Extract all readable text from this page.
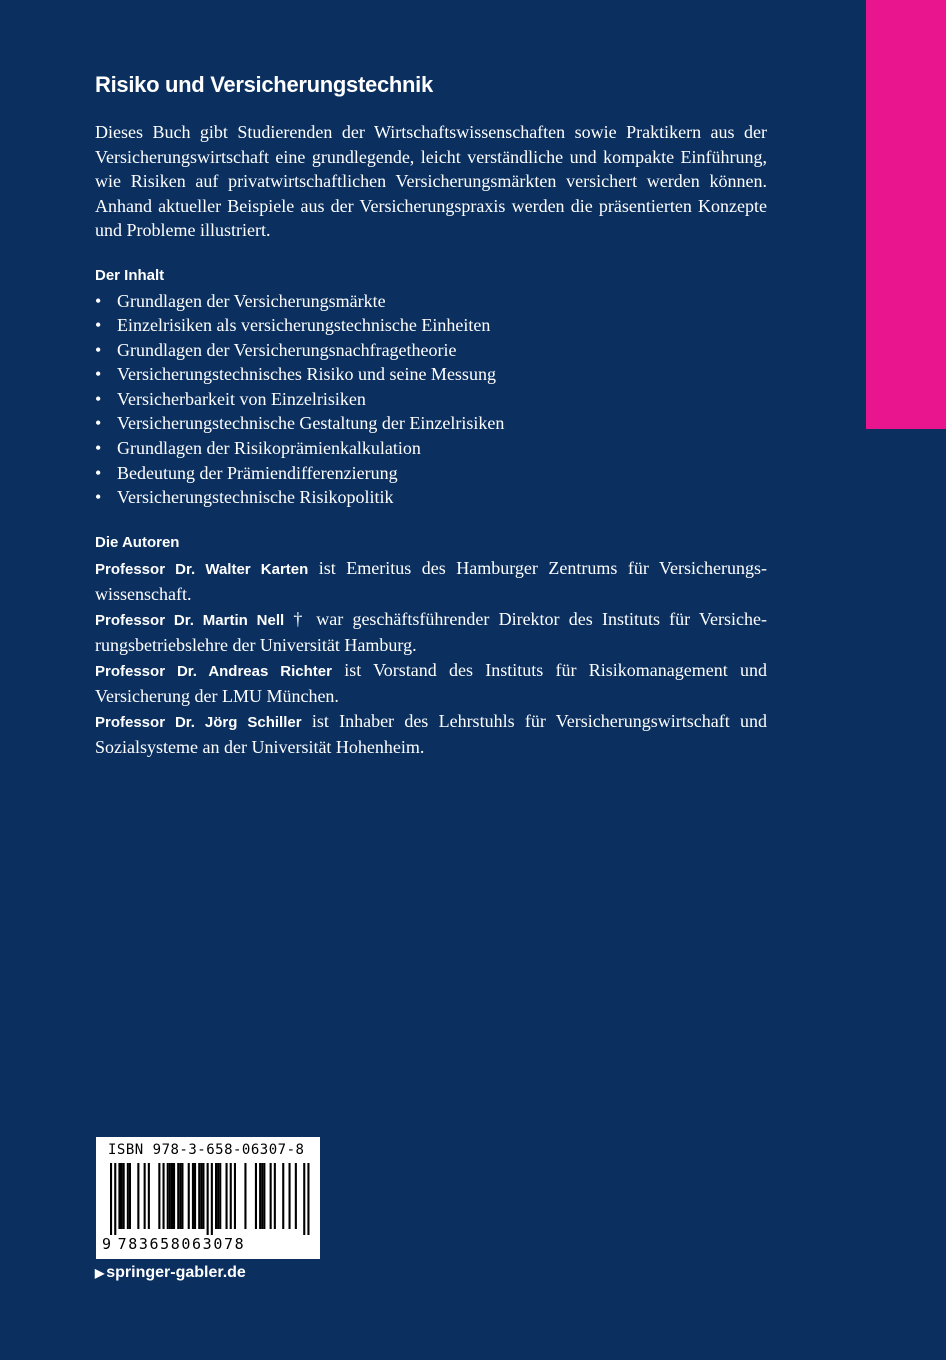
Risiko und Versicherungstechnik

Dieses Buch gibt Studierenden der Wirtschaftswissenschaften sowie Praktikern aus der Versicherungswirtschaft eine grundlegende, leicht verständliche und kompakte Einführung, wie Risiken auf privatwirtschaftlichen Versicherungsmärkten versichert werden können. Anhand aktueller Beispiele aus der Versicherungspraxis werden die präsentierten Konzepte und Probleme illustriert.

Der Inhalt
• Grundlagen der Versicherungsmärkte
• Einzelrisiken als versicherungstechnische Einheiten
• Grundlagen der Versicherungsnachfragetheorie
• Versicherungstechnisches Risiko und seine Messung
• Versicherbarkeit von Einzelrisiken
• Versicherungstechnische Gestaltung der Einzelrisiken
• Grundlagen der Risikoprämienkalkulation
• Bedeutung der Prämiendifferenzierung
• Versicherungstechnische Risikopolitik
Die Autoren
Professor Dr. Walter Karten ist Emeritus des Hamburger Zentrums für Versicherungswissenschaft.
Professor Dr. Martin Nell † war geschäftsführender Direktor des Instituts für Versicherungsbetriebslehre der Universität Hamburg.
Professor Dr. Andreas Richter ist Vorstand des Instituts für Risikomanagement und Versicherung der LMU München.
Professor Dr. Jörg Schiller ist Inhaber des Lehrstuhls für Versicherungswirtschaft und Sozialsysteme an der Universität Hohenheim.
ISBN 978-3-658-06307-8
9 783658063078
▶ springer-gabler.de
